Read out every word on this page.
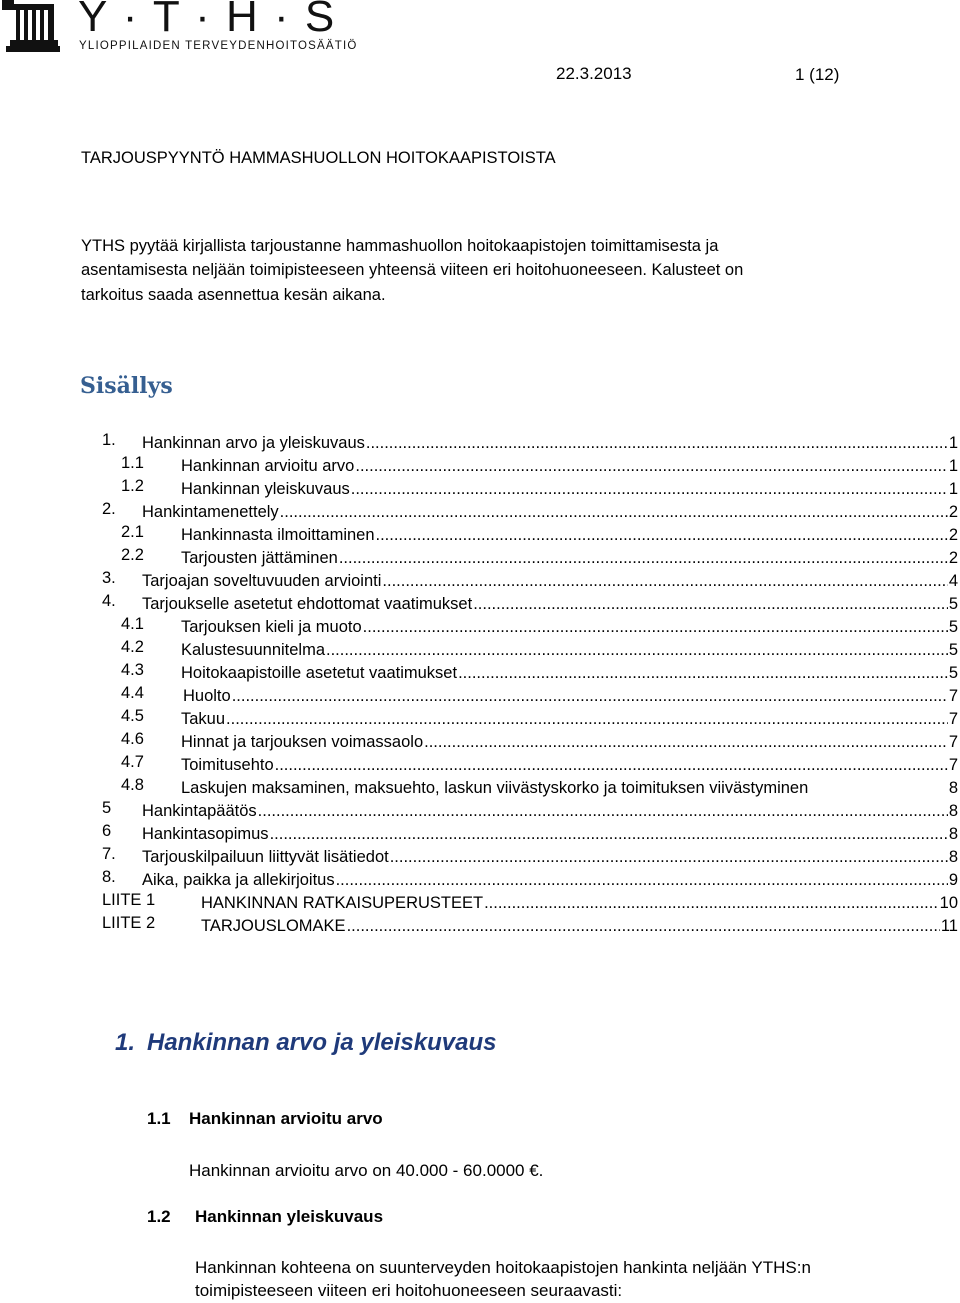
Y · T · H · S
YLIOPPILAIDEN TERVEYDENHOITOSÄÄTIÖ
22.3.2013	1 (12)
TARJOUSPYYNTÖ HAMMASHUOLLON HOITOKAAPISTOISTA
YTHS pyytää kirjallista tarjoustanne hammashuollon hoitokaapistojen toimittamisesta ja
asentamisesta neljään toimipisteeseen yhteensä viiteen eri hoitohuoneeseen. Kalusteet on
tarkoitus saada asennettua kesän aikana.
Sisällys
1. Hankinnan arvo ja yleiskuvaus .....	1
1.1 Hankinnan arvioitu arvo .....	1
1.2 Hankinnan yleiskuvaus .....	1
2. Hankintamenettely .....	2
2.1 Hankinnasta ilmoittaminen .....	2
2.2 Tarjousten jättäminen .....	2
3. Tarjoajan soveltuvuuden arviointi .....	4
4. Tarjoukselle asetetut ehdottomat vaatimukset .....	5
4.1 Tarjouksen kieli ja muoto .....	5
4.2 Kalustesuunnitelma .....	5
4.3 Hoitokaapistoille asetetut vaatimukset .....	5
4.4 Huolto .....	7
4.5 Takuu .....	7
4.6 Hinnat ja tarjouksen voimassaolo .....	7
4.7 Toimitusehto .....	7
4.8 Laskujen maksaminen, maksuehto, laskun viivästyskorko ja toimituksen viivästyminen	8
5 Hankintapäätös .....	8
6 Hankintasopimus .....	8
7. Tarjouskilpailuun liittyvät lisätiedot .....	8
8. Aika, paikka ja allekirjoitus .....	9
LIITE 1	HANKINNAN RATKAISUPERUSTEET .....	10
LIITE 2	TARJOUSLOMAKE .....	11
1. Hankinnan arvo ja yleiskuvaus
1.1 Hankinnan arvioitu arvo
Hankinnan arvioitu arvo on 40.000 - 60.0000 €.
1.2 Hankinnan yleiskuvaus
Hankinnan kohteena on suunterveyden hoitokaapistojen hankinta neljään YTHS:n
toimipisteeseen viiteen eri hoitohuoneeseen seuraavasti:
